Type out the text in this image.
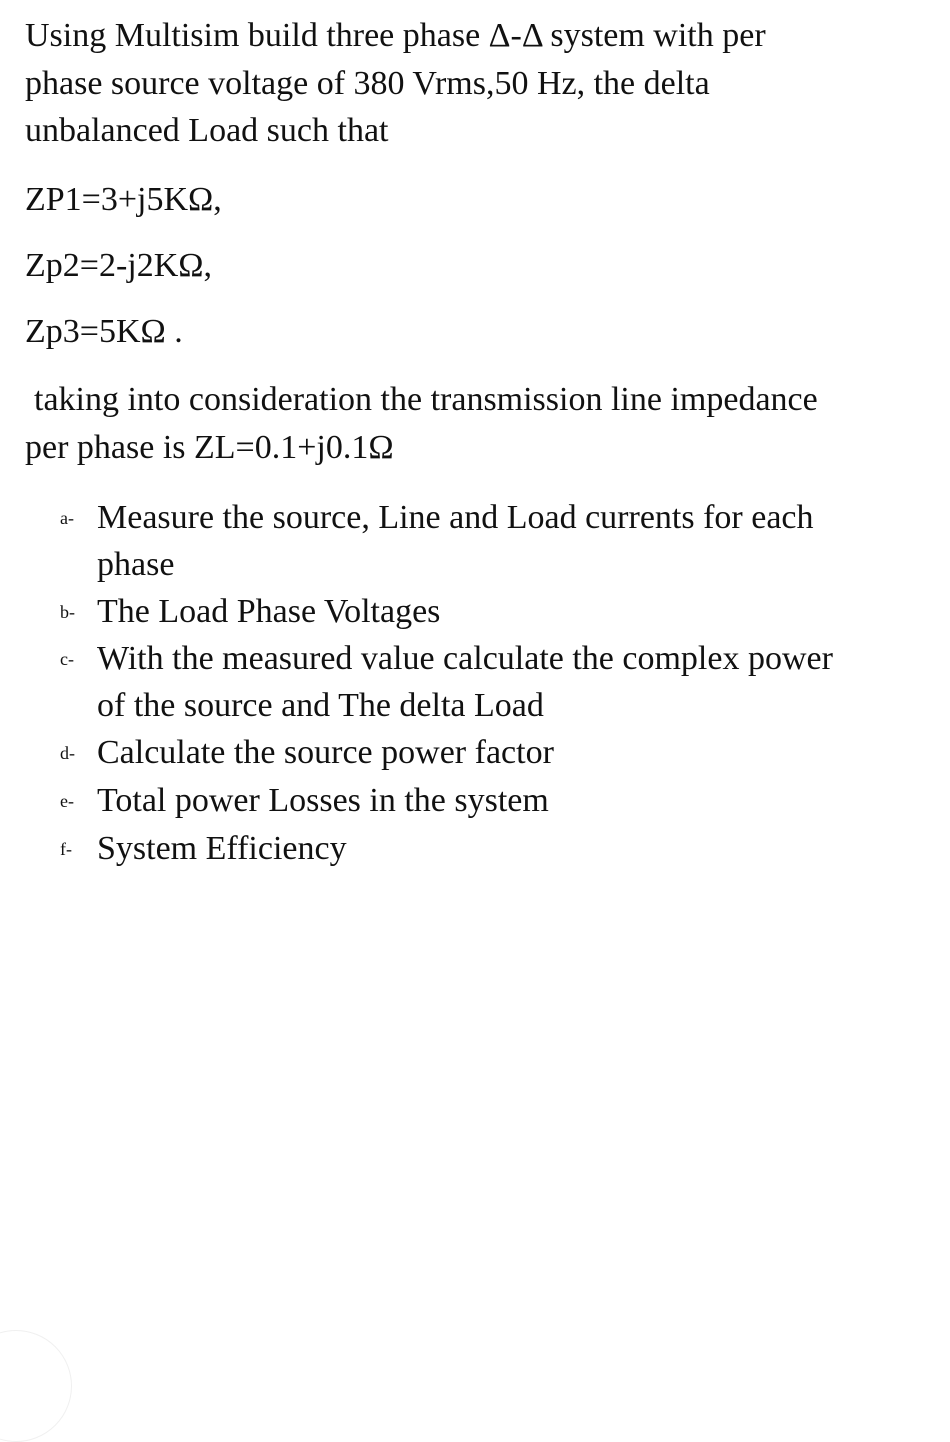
Using Multisim build three phase Δ-Δ system with per
phase source voltage of 380 Vrms,50 Hz, the delta
unbalanced Load such that
ZP1=3+j5KΩ,
Zp2=2-j2KΩ,
Zp3=5KΩ .
taking into consideration the transmission line impedance
per phase is ZL=0.1+j0.1Ω
a- Measure the source, Line and Load currents for each
phase
b- The Load Phase Voltages
c- With the measured value calculate the complex power
of the source and The delta Load
d- Calculate the source power factor
e- Total power Losses in the system
f- System Efficiency
